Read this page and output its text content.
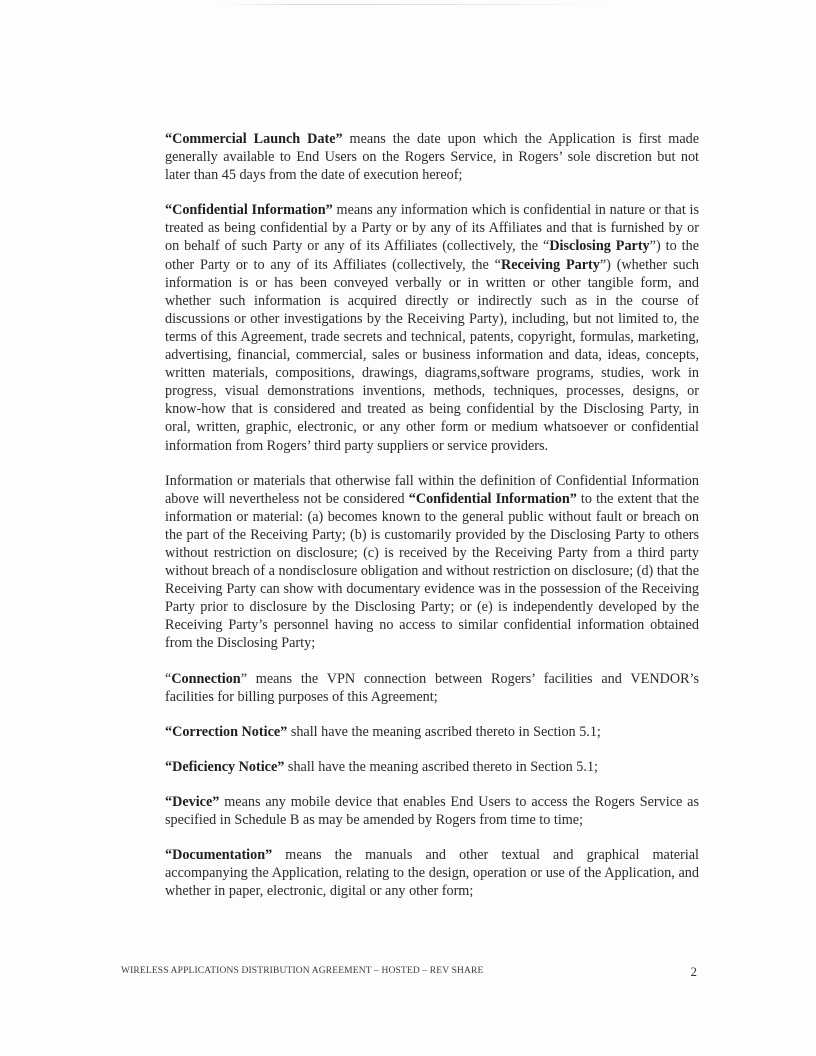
“Commercial Launch Date” means the date upon which the Application is first made generally available to End Users on the Rogers Service, in Rogers’ sole discretion but not later than 45 days from the date of execution hereof;

“Confidential Information” means any information which is confidential in nature or that is treated as being confidential by a Party or by any of its Affiliates and that is furnished by or on behalf of such Party or any of its Affiliates (collectively, the “Disclosing Party”) to the other Party or to any of its Affiliates (collectively, the “Receiving Party”) (whether such information is or has been conveyed verbally or in written or other tangible form, and whether such information is acquired directly or indirectly such as in the course of discussions or other investigations by the Receiving Party), including, but not limited to, the terms of this Agreement, trade secrets and technical, patents, copyright, formulas, marketing, advertising, financial, commercial, sales or business information and data, ideas, concepts, written materials, compositions, drawings, diagrams,software programs, studies, work in progress, visual demonstrations inventions, methods, techniques, processes, designs, or know-how that is considered and treated as being confidential by the Disclosing Party, in oral, written, graphic, electronic, or any other form or medium whatsoever or confidential information from Rogers’ third party suppliers or service providers.

Information or materials that otherwise fall within the definition of Confidential Information above will nevertheless not be considered “Confidential Information” to the extent that the information or material: (a) becomes known to the general public without fault or breach on the part of the Receiving Party; (b) is customarily provided by the Disclosing Party to others without restriction on disclosure; (c) is received by the Receiving Party from a third party without breach of a nondisclosure obligation and without restriction on disclosure; (d) that the Receiving Party can show with documentary evidence was in the possession of the Receiving Party prior to disclosure by the Disclosing Party; or (e) is independently developed by the Receiving Party’s personnel having no access to similar confidential information obtained from the Disclosing Party;

“Connection” means the VPN connection between Rogers’ facilities and VENDOR’s facilities for billing purposes of this Agreement;

“Correction Notice” shall have the meaning ascribed thereto in Section 5.1;

“Deficiency Notice” shall have the meaning ascribed thereto in Section 5.1;

“Device” means any mobile device that enables End Users to access the Rogers Service as specified in Schedule B as may be amended by Rogers from time to time;

“Documentation” means the manuals and other textual and graphical material accompanying the Application, relating to the design, operation or use of the Application, and whether in paper, electronic, digital or any other form;

WIRELESS APPLICATIONS DISTRIBUTION AGREEMENT – HOSTED – REV SHARE	2
